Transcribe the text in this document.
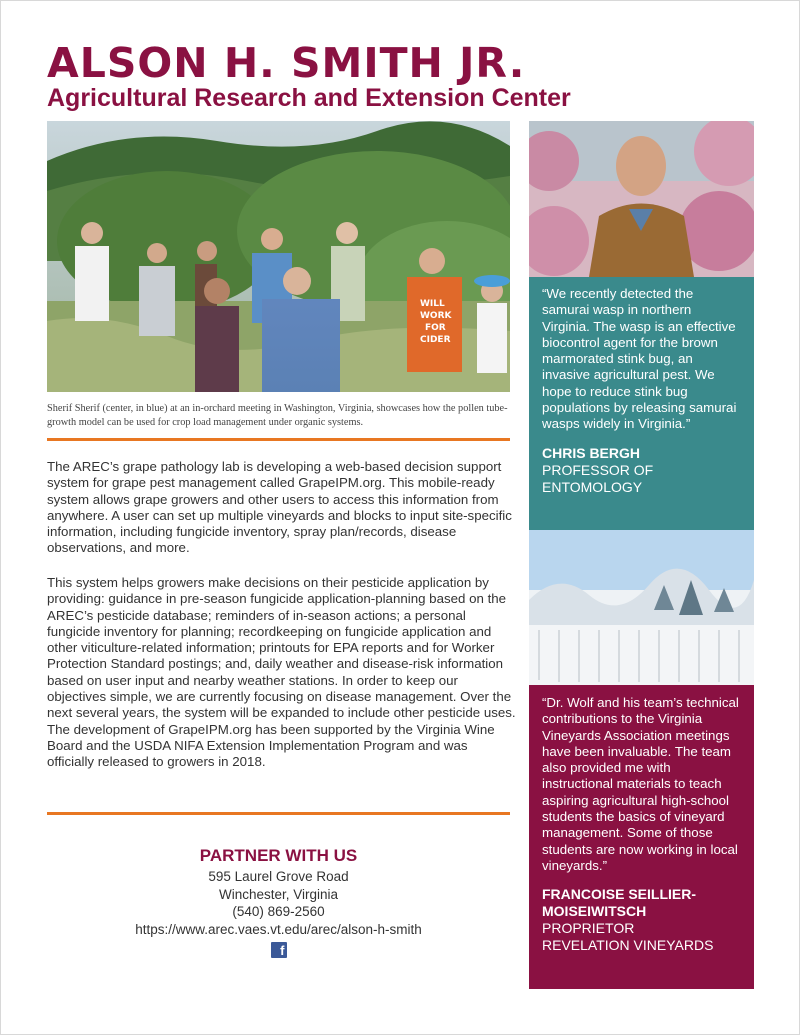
ALSON H. SMITH JR.
Agricultural Research and Extension Center
WILL
WORK
FOR
CIDER

Sherif Sherif (center, in blue) at an in-orchard meeting in Washington, Virginia, showcases how the pollen tube-growth model can be used for crop load management under organic systems.

The AREC’s grape pathology lab is developing a web-based decision support system for grape pest management called GrapeIPM.org. This mobile-ready system allows grape growers and other users to access this information from anywhere. A user can set up multiple vineyards and blocks to input site-specific information, including fungicide inventory, spray plan/records, disease observations, and more.

This system helps growers make decisions on their pesticide application by providing: guidance in pre-season fungicide application-planning based on the AREC’s pesticide database; reminders of in-season actions; a personal fungicide inventory for planning; recordkeeping on fungicide application and other viticulture-related information; printouts for EPA reports and for Worker Protection Standard postings; and, daily weather and disease-risk information based on user input and nearby weather stations. In order to keep our objectives simple, we are currently focusing on disease management. Over the next several years, the system will be expanded to include other pesticide uses. The development of GrapeIPM.org has been supported by the Virginia Wine Board and the USDA NIFA Extension Implementation Program and was officially released to growers in 2018.

PARTNER WITH US

595 Laurel Grove Road

Winchester, Virginia

(540) 869-2560

https://www.arec.vaes.vt.edu/arec/alson-h-smith

f

“We recently detected the samurai wasp in northern Virginia. The wasp is an effective biocontrol agent for the brown marmorated stink bug, an invasive agricultural pest. We hope to reduce stink bug populations by releasing samurai wasps widely in Virginia.”

CHRIS BERGH

PROFESSOR OF ENTOMOLOGY

“Dr. Wolf and his team’s technical contributions to the Virginia Vineyards Association meetings have been invaluable. The team also provided me with instructional materials to teach aspiring agricultural high-school students the basics of vineyard management. Some of those students are now working in local vineyards.”

FRANCOISE SEILLIER-MOISEIWITSCH

PROPRIETOR

REVELATION VINEYARDS
